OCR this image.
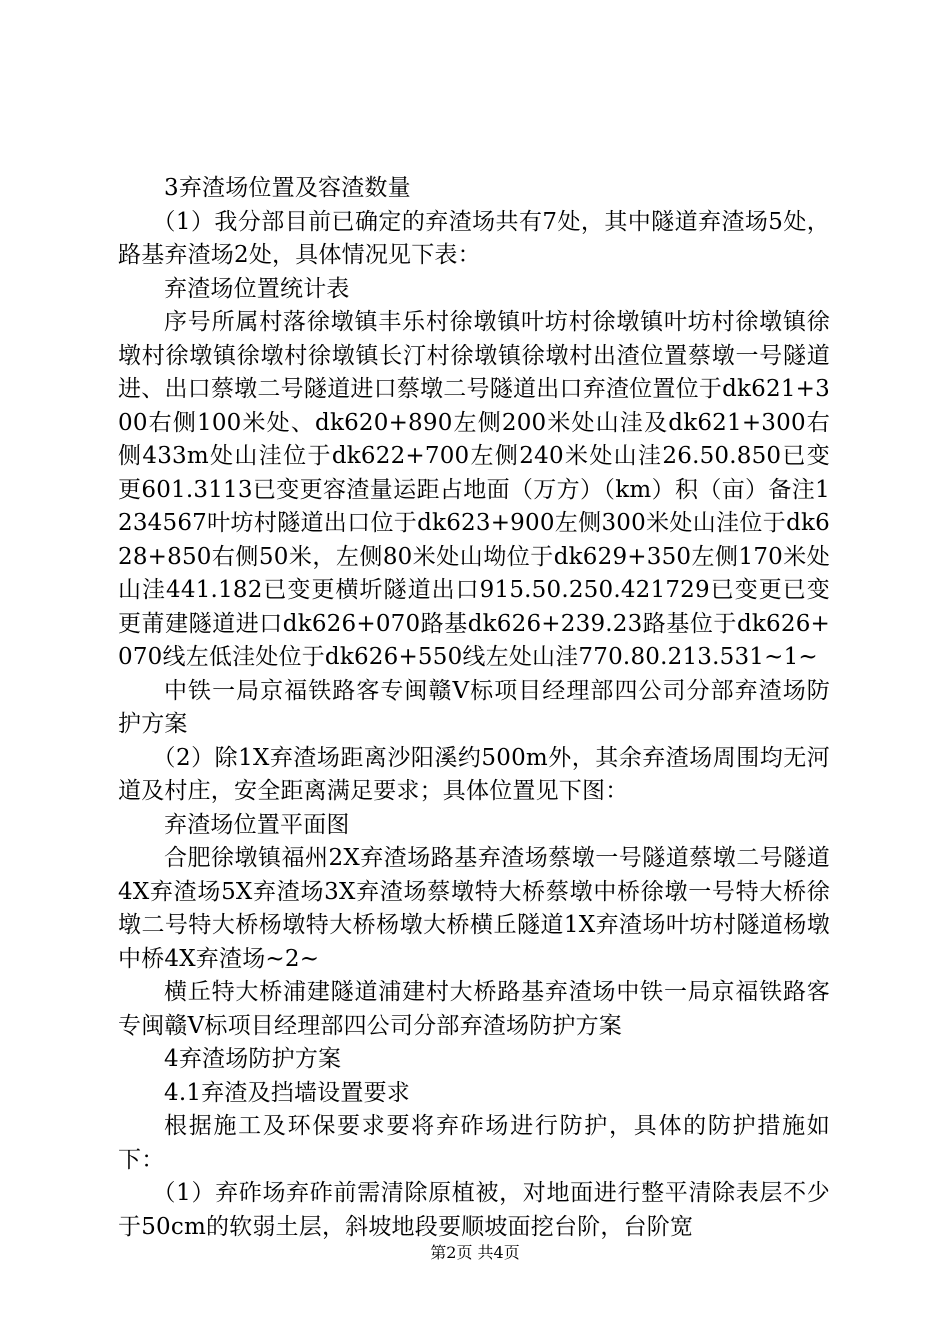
3弃渣场位置及容渣数量

（1）我分部目前已确定的弃渣场共有7处，其中隧道弃渣场5处，路基弃渣场2处，具体情况见下表：

弃渣场位置统计表

序号所属村落徐墩镇丰乐村徐墩镇叶坊村徐墩镇叶坊村徐墩镇徐墩村徐墩镇徐墩村徐墩镇长汀村徐墩镇徐墩村出渣位置蔡墩一号隧道进、出口蔡墩二号隧道进口蔡墩二号隧道出口弃渣位置位于dk621+300右侧100米处、dk620+890左侧200米处山洼及dk621+300右侧433m处山洼位于dk622+700左侧240米处山洼26.50.850已变更601.3113已变更容渣量运距占地面（万方）（km）积（亩）备注1234567叶坊村隧道出口位于dk623+900左侧300米处山洼位于dk628+850右侧50米，左侧80米处山坳位于dk629+350左侧170米处山洼441.182已变更横圻隧道出口915.50.250.421729已变更已变更莆建隧道进口dk626+070路基dk626+239.23路基位于dk626+070线左低洼处位于dk626+550线左处山洼770.80.213.531~1~

中铁一局京福铁路客专闽赣Ⅴ标项目经理部四公司分部弃渣场防护方案

（2）除1X弃渣场距离沙阳溪约500m外，其余弃渣场周围均无河道及村庄，安全距离满足要求；具体位置见下图：

弃渣场位置平面图

合肥徐墩镇福州2X弃渣场路基弃渣场蔡墩一号隧道蔡墩二号隧道4X弃渣场5X弃渣场3X弃渣场蔡墩特大桥蔡墩中桥徐墩一号特大桥徐墩二号特大桥杨墩特大桥杨墩大桥横丘隧道1X弃渣场叶坊村隧道杨墩中桥4X弃渣场~2~

横丘特大桥浦建隧道浦建村大桥路基弃渣场中铁一局京福铁路客专闽赣Ⅴ标项目经理部四公司分部弃渣场防护方案

4弃渣场防护方案

4.1弃渣及挡墙设置要求

根据施工及环保要求要将弃砟场进行防护，具体的防护措施如下：

（1）弃砟场弃砟前需清除原植被，对地面进行整平清除表层不少于50cm的软弱土层，斜坡地段要顺坡面挖台阶，台阶宽

第2页 共4页
